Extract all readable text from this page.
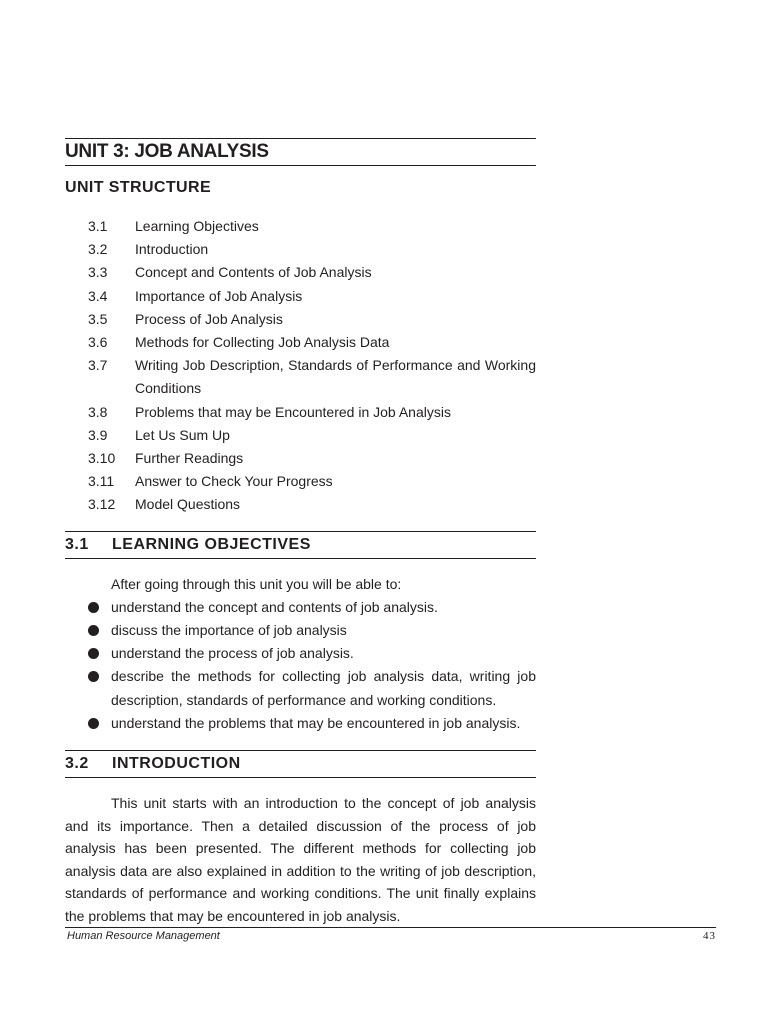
UNIT 3: JOB ANALYSIS
UNIT STRUCTURE
3.1	Learning Objectives
3.2	Introduction
3.3	Concept and Contents of Job Analysis
3.4	Importance of Job Analysis
3.5	Process of Job Analysis
3.6	Methods for Collecting Job Analysis Data
3.7	Writing Job Description, Standards of Performance and Working Conditions
3.8	Problems that may be Encountered in Job Analysis
3.9	Let Us Sum Up
3.10	Further Readings
3.11	Answer to Check Your Progress
3.12	Model Questions
3.1	LEARNING OBJECTIVES
After going through this unit you will be able to:
understand the concept and contents of job analysis.
discuss the importance of job analysis
understand the process of job analysis.
describe the methods for collecting job analysis data, writing job description, standards of performance and working conditions.
understand the problems that may be encountered in job analysis.
3.2	INTRODUCTION

This unit starts with an introduction to the concept of job analysis and its importance. Then a detailed discussion of the process of job analysis has been presented. The different methods for collecting job analysis data are also explained in addition to the writing of job description, standards of performance and working conditions. The unit finally explains the problems that may be encountered in job analysis.

Human Resource Management	43
